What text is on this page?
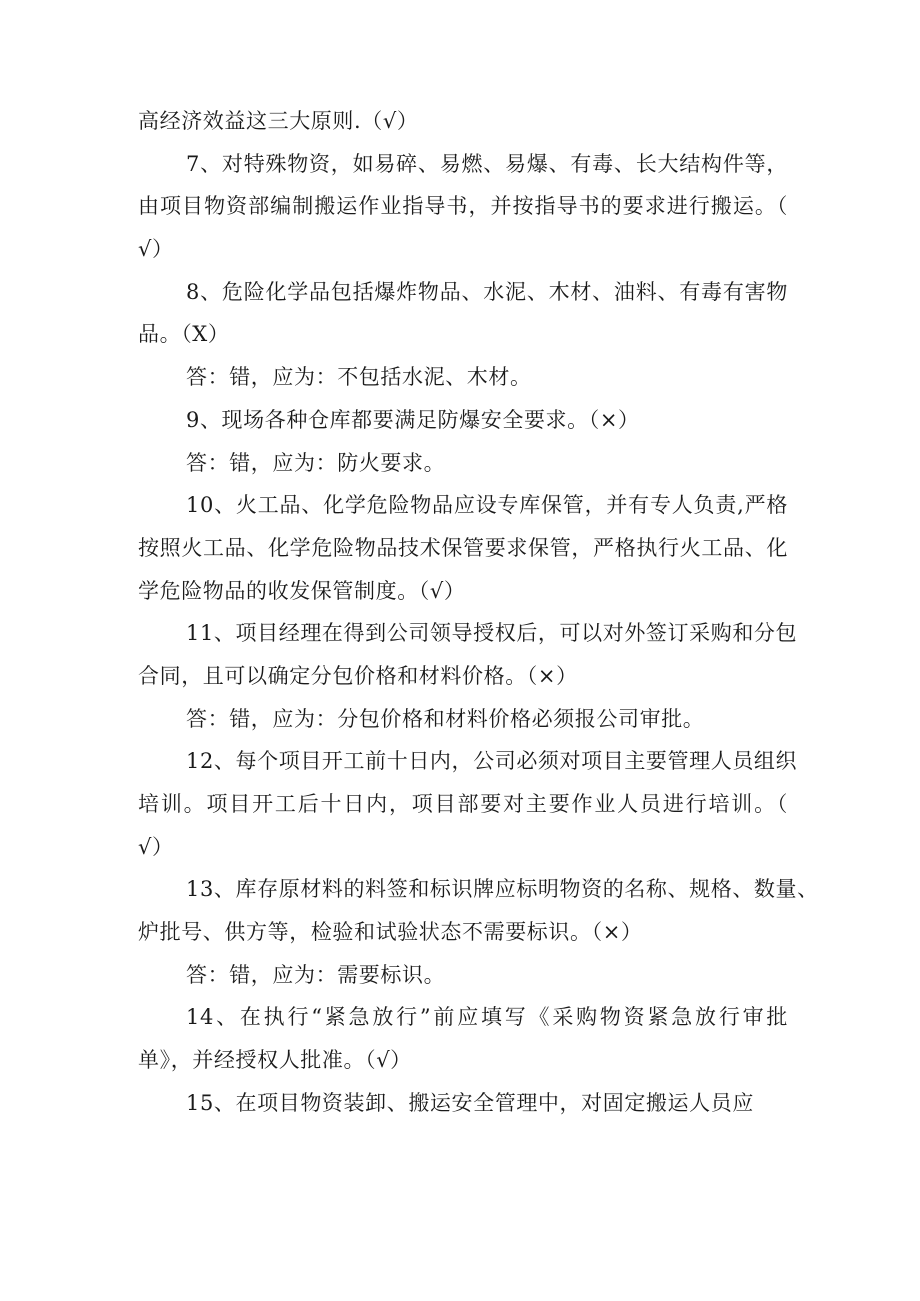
高经济效益这三大原则.（√）
7、对特殊物资，如易碎、易燃、易爆、有毒、长大结构件等，
由项目物资部编制搬运作业指导书，并按指导书的要求进行搬运。（
√）
8、危险化学品包括爆炸物品、水泥、木材、油料、有毒有害物
品。（X）
答：错，应为：不包括水泥、木材。
9、现场各种仓库都要满足防爆安全要求。（×）
答：错，应为：防火要求。
10、火工品、化学危险物品应设专库保管，并有专人负责,严格
按照火工品、化学危险物品技术保管要求保管，严格执行火工品、化
学危险物品的收发保管制度。（√）
11、项目经理在得到公司领导授权后，可以对外签订采购和分包
合同，且可以确定分包价格和材料价格。（×）
答：错，应为：分包价格和材料价格必须报公司审批。
12、每个项目开工前十日内，公司必须对项目主要管理人员组织
培训。项目开工后十日内，项目部要对主要作业人员进行培训。（
√）
13、库存原材料的料签和标识牌应标明物资的名称、规格、数量、
炉批号、供方等，检验和试验状态不需要标识。（×）
答：错，应为：需要标识。
14、在执行“紧急放行”前应填写《采购物资紧急放行审批
单》，并经授权人批准。（√）
15、在项目物资装卸、搬运安全管理中，对固定搬运人员应
